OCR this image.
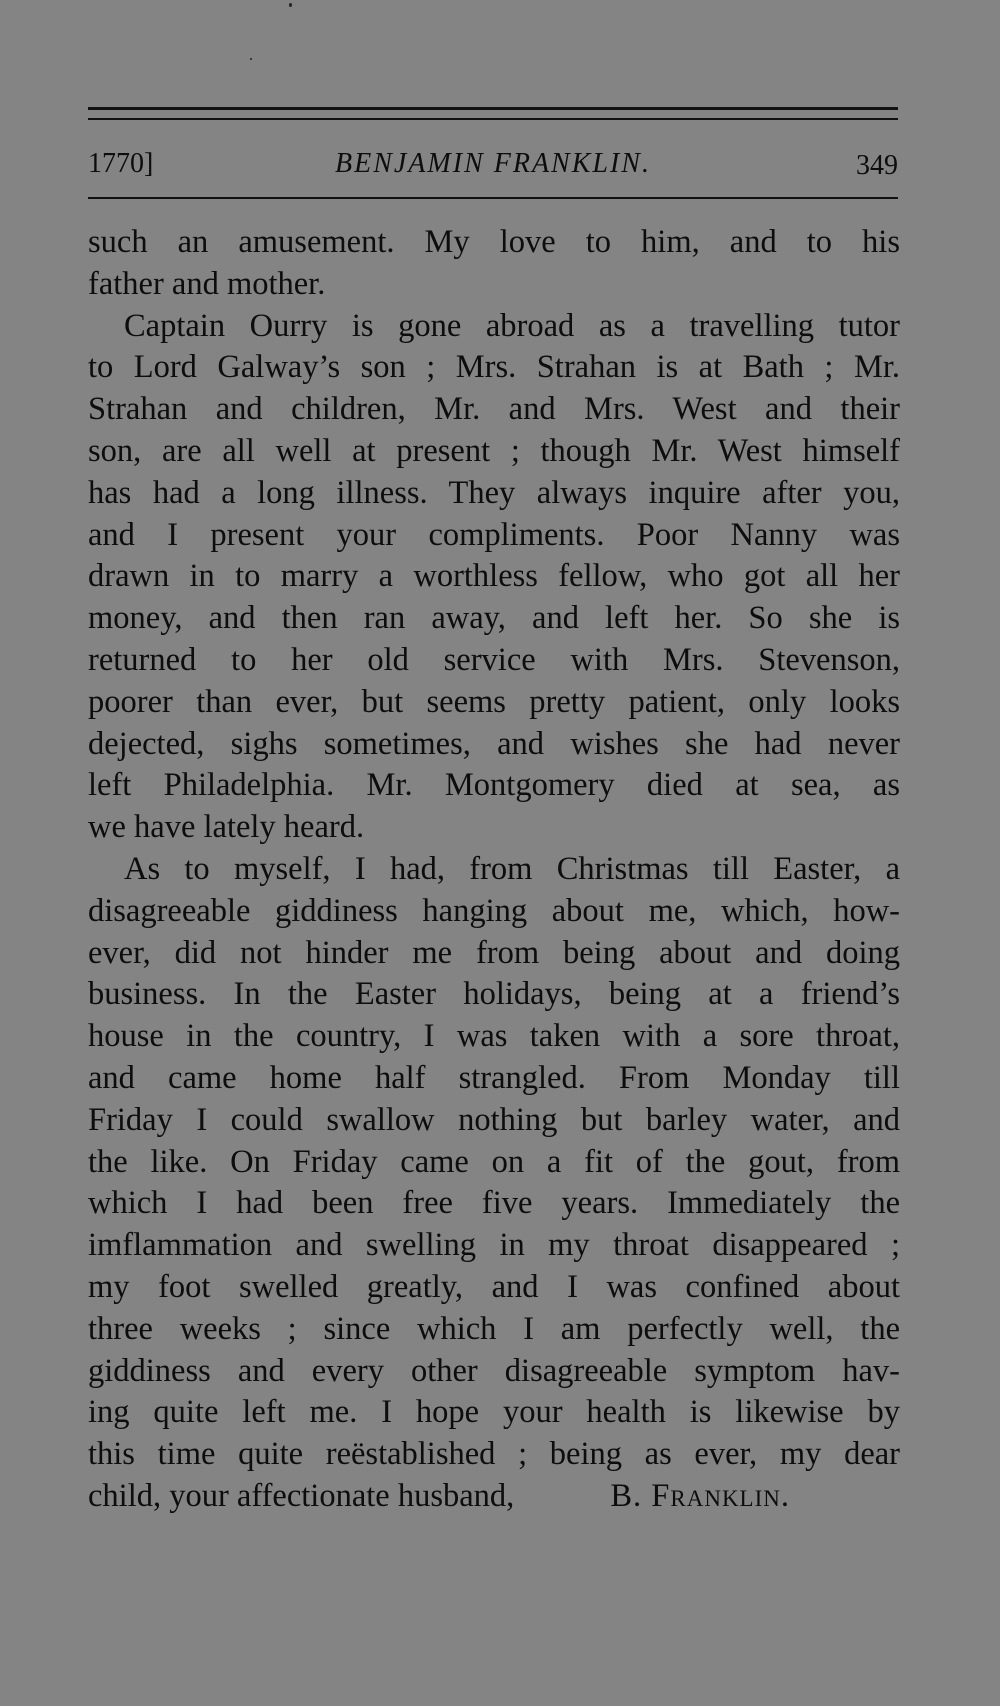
1770]	BENJAMIN FRANKLIN.	349

such an amusement. My love to him, and to his
father and mother.

Captain Ourry is gone abroad as a travelling tutor
to Lord Galway’s son ; Mrs. Strahan is at Bath ; Mr.
Strahan and children, Mr. and Mrs. West and their
son, are all well at present ; though Mr. West himself
has had a long illness. They always inquire after you,
and I present your compliments. Poor Nanny was
drawn in to marry a worthless fellow, who got all her
money, and then ran away, and left her. So she is
returned to her old service with Mrs. Stevenson,
poorer than ever, but seems pretty patient, only looks
dejected, sighs sometimes, and wishes she had never
left Philadelphia. Mr. Montgomery died at sea, as
we have lately heard.

As to myself, I had, from Christmas till Easter, a
disagreeable giddiness hanging about me, which, how-
ever, did not hinder me from being about and doing
business. In the Easter holidays, being at a friend’s
house in the country, I was taken with a sore throat,
and came home half strangled. From Monday till
Friday I could swallow nothing but barley water, and
the like. On Friday came on a fit of the gout, from
which I had been free five years. Immediately the
imflammation and swelling in my throat disappeared ;
my foot swelled greatly, and I was confined about
three weeks ; since which I am perfectly well, the
giddiness and every other disagreeable symptom hav-
ing quite left me. I hope your health is likewise by
this time quite reëstablished ; being as ever, my dear
child, your affectionate husband,	B. Franklin.
